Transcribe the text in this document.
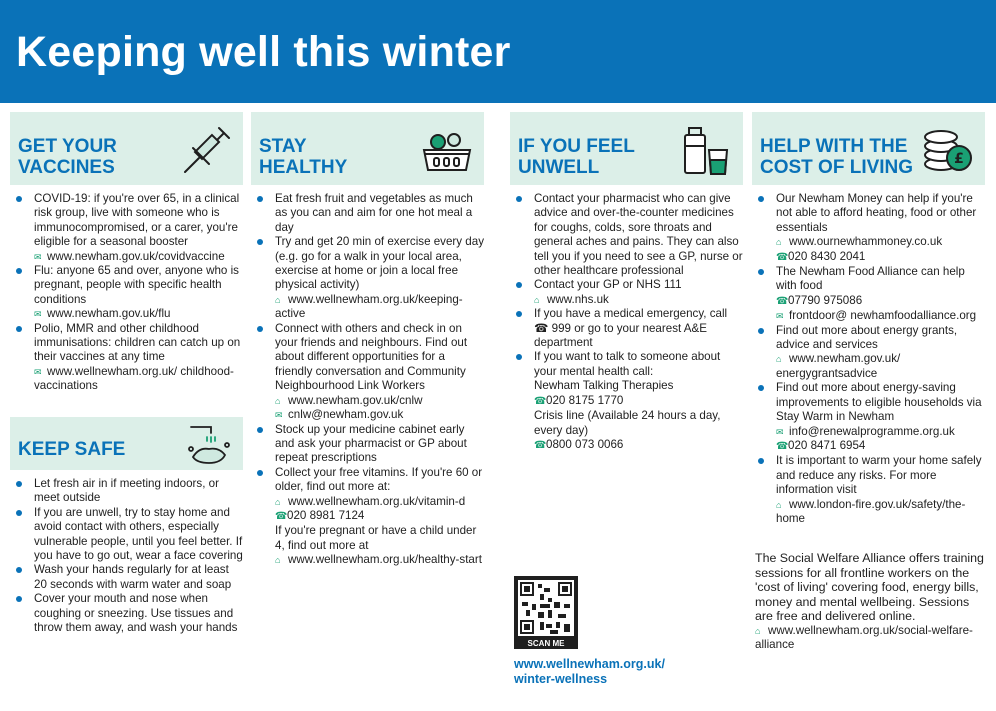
Keeping well this winter
GET YOUR
VACCINES
COVID-19: if you're over 65, in a clinical risk group, live with someone who is immunocompromised, or a carer, you're eligible for a seasonal booster
✉ www.newham.gov.uk/covidvaccine
Flu: anyone 65 and over, anyone who is pregnant, people with specific health conditions
✉ www.newham.gov.uk/flu
Polio, MMR and other childhood immunisations: children can catch up on their vaccines at any time
✉ www.wellnewham.org.uk/ childhood-vaccinations
KEEP SAFE
Let fresh air in if meeting indoors, or meet outside
If you are unwell, try to stay home and avoid contact with others, especially vulnerable people, until you feel better. If you have to go out, wear a face covering
Wash your hands regularly for at least 20 seconds with warm water and soap
Cover your mouth and nose when coughing or sneezing. Use tissues and throw them away, and wash your hands
STAY
HEALTHY
Eat fresh fruit and vegetables as much as you can and aim for one hot meal a day
Try and get 20 min of exercise every day (e.g. go for a walk in your local area, exercise at home or join a local free physical activity)
⌂ www.wellnewham.org.uk/keeping-active
Connect with others and check in on your friends and neighbours. Find out about different opportunities for a friendly conversation and Community Neighbourhood Link Workers
⌂ www.newham.gov.uk/cnlw
✉ cnlw@newham.gov.uk
Stock up your medicine cabinet early and ask your pharmacist or GP about repeat prescriptions
Collect your free vitamins. If you're 60 or older, find out more at:
⌂ www.wellnewham.org.uk/vitamin-d
☎020 8981 7124
If you're pregnant or have a child under 4, find out more at
⌂ www.wellnewham.org.uk/healthy-start
IF YOU FEEL
UNWELL
Contact your pharmacist who can give advice and over-the-counter medicines for coughs, colds, sore throats and general aches and pains. They can also tell you if you need to see a GP, nurse or other healthcare professional
Contact your GP or NHS 111
⌂ www.nhs.uk
If you have a medical emergency, call ☎ 999 or go to your nearest A&E department
If you want to talk to someone about your mental health call:
Newham Talking Therapies
☎020 8175 1770
Crisis line (Available 24 hours a day, every day)
☎0800 073 0066
SCAN ME
www.wellnewham.org.uk/
winter-wellness
HELP WITH THE
COST OF LIVING	£
Our Newham Money can help if you're not able to afford heating, food or other essentials
⌂ www.ournewhammoney.co.uk
☎020 8430 2041
The Newham Food Alliance can help with food
☎07790 975086
✉ frontdoor@ newhamfoodalliance.org
Find out more about energy grants, advice and services
⌂ www.newham.gov.uk/ energygrantsadvice
Find out more about energy-saving improvements to eligible households via Stay Warm in Newham
✉ info@renewalprogramme.org.uk
☎020 8471 6954
It is important to warm your home safely and reduce any risks. For more information visit
⌂ www.london-fire.gov.uk/safety/the-home
The Social Welfare Alliance offers training sessions for all frontline workers on the 'cost of living' covering food, energy bills, money and mental wellbeing. Sessions are free and delivered online.
⌂ www.wellnewham.org.uk/social-welfare-alliance
